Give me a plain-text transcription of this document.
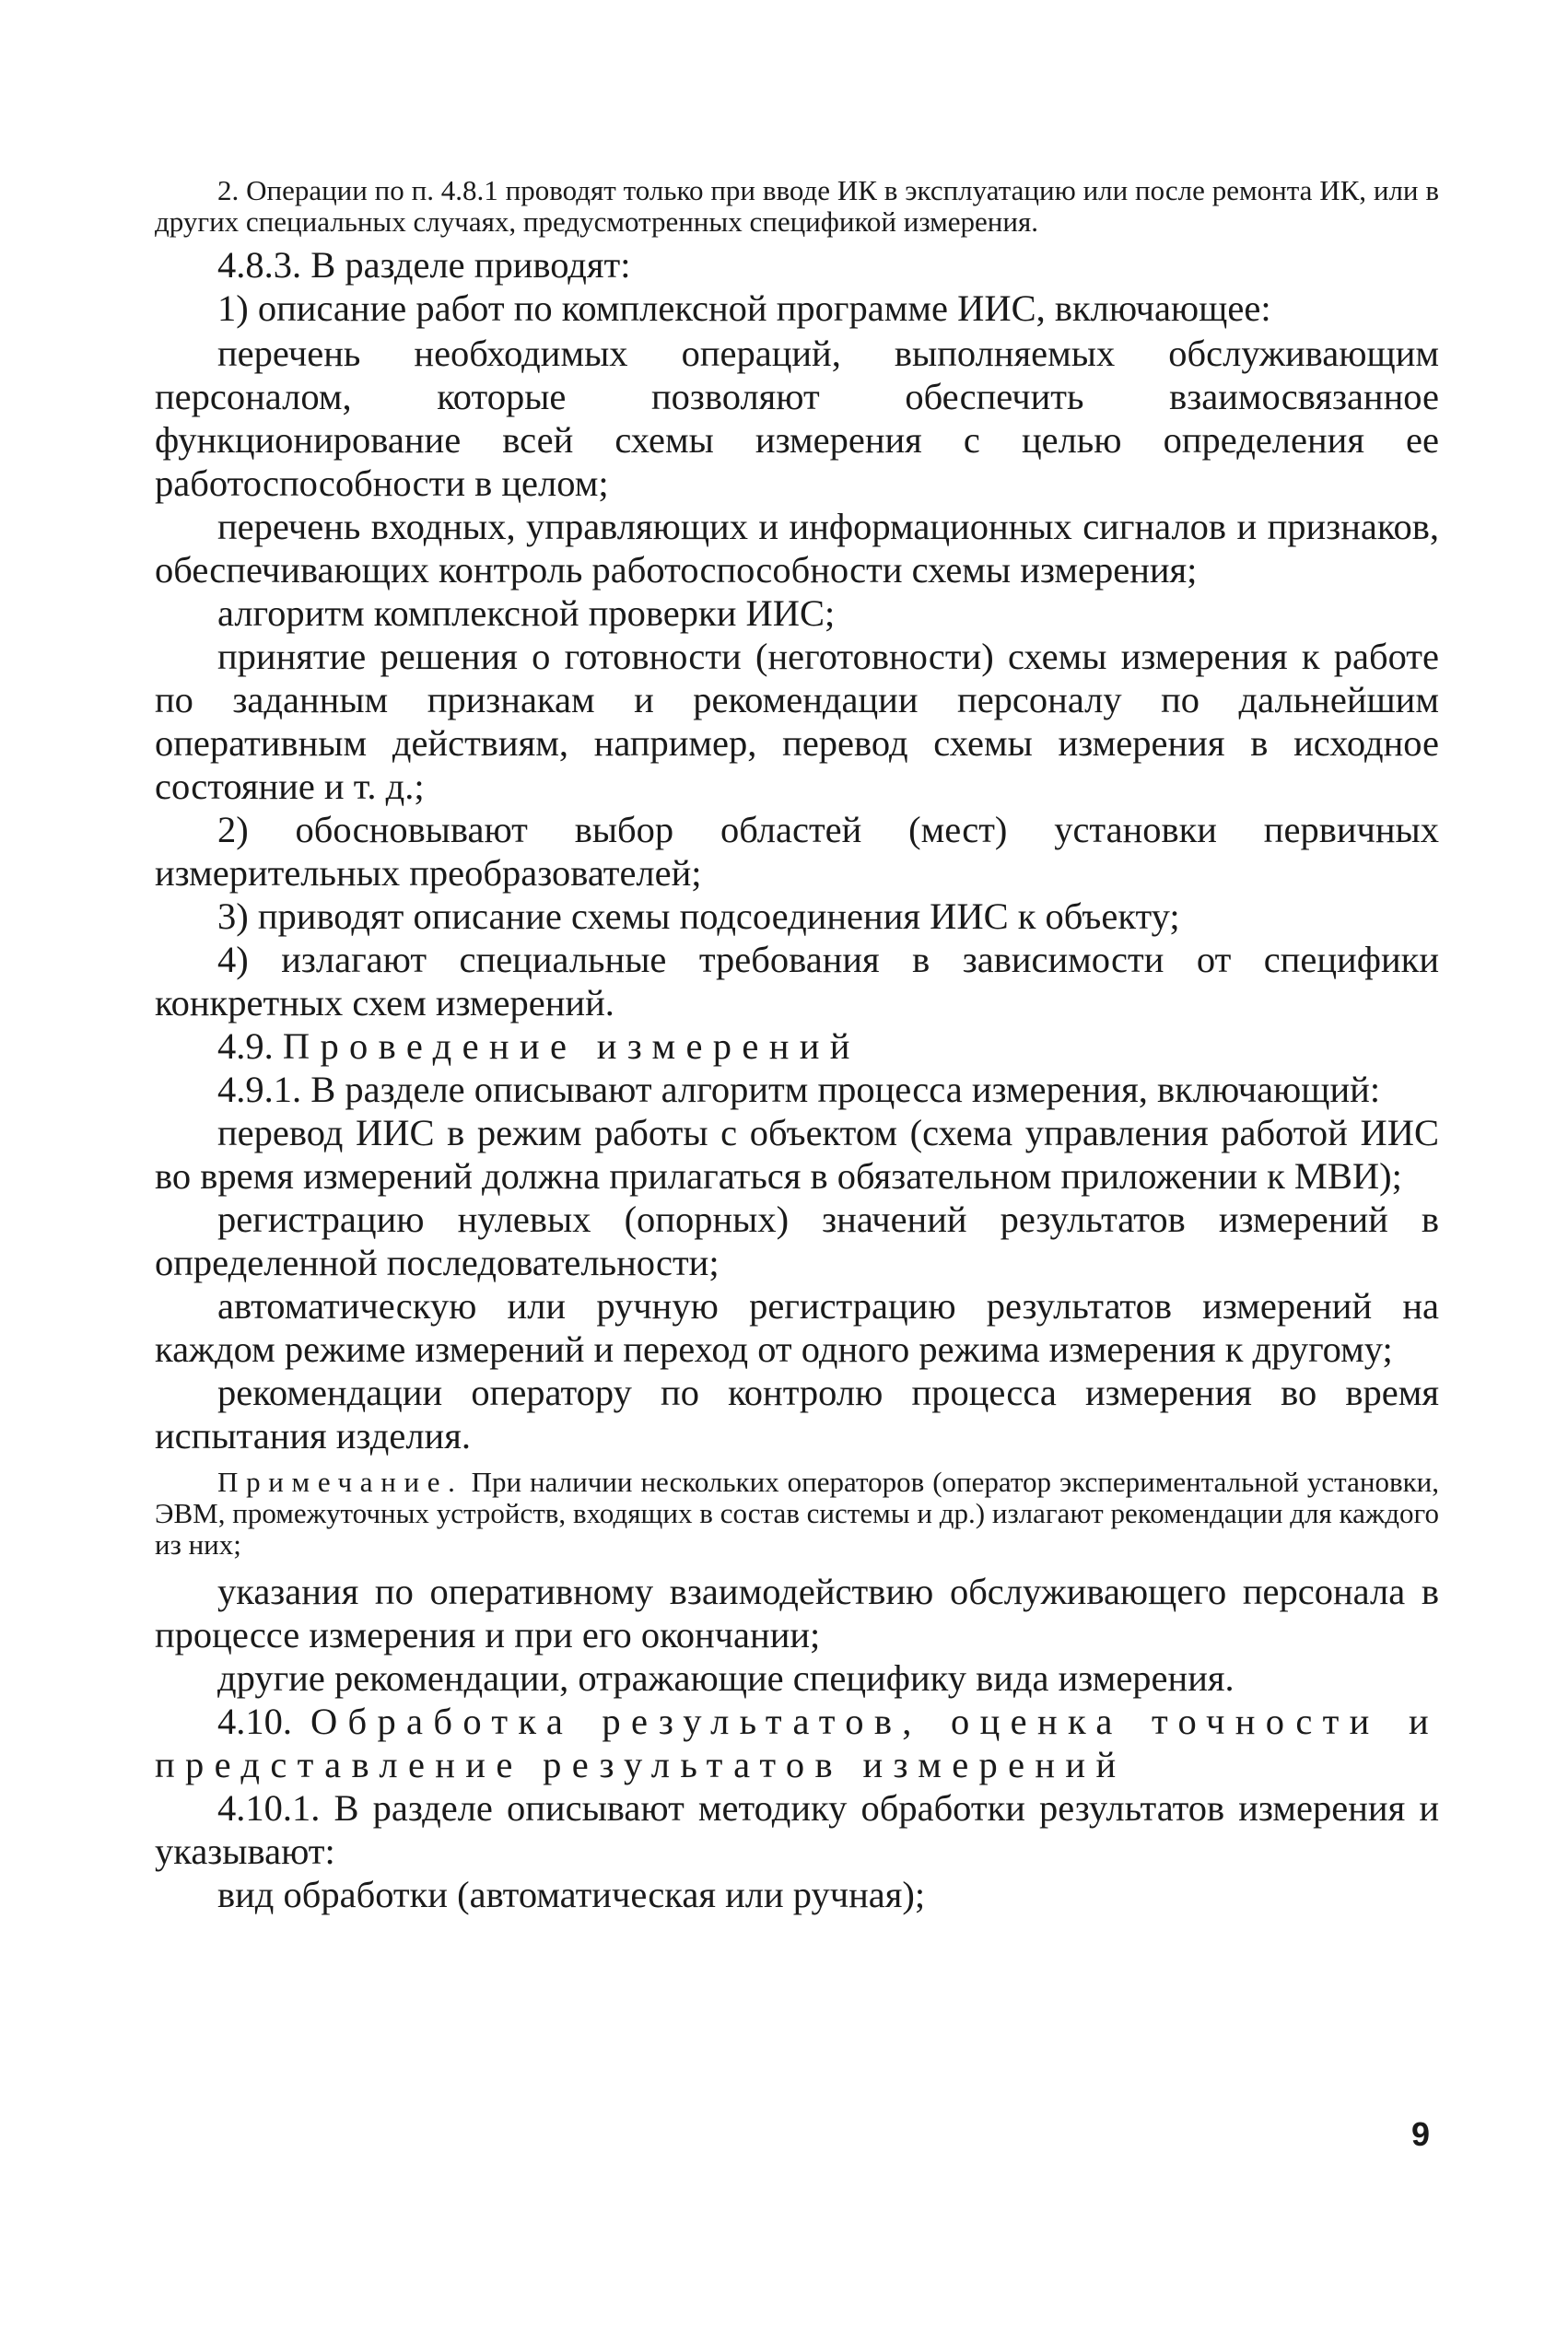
2. Операции по п. 4.8.1 проводят только при вводе ИК в эксплуатацию или после ремонта ИК, или в других специальных случаях, предусмотренных спецификой измерения.

4.8.3. В разделе приводят:

1) описание работ по комплексной программе ИИС, включающее:

перечень необходимых операций, выполняемых обслуживающим персоналом, которые позволяют обеспечить взаимосвязанное функционирование всей схемы измерения с целью определения ее работоспособности в целом;

перечень входных, управляющих и информационных сигналов и признаков, обеспечивающих контроль работоспособности схемы измерения;

алгоритм комплексной проверки ИИС;

принятие решения о готовности (неготовности) схемы измерения к работе по заданным признакам и рекомендации персоналу по дальнейшим оперативным действиям, например, перевод схемы измерения в исходное состояние и т. д.;

2) обосновывают выбор областей (мест) установки первичных измерительных преобразователей;

3) приводят описание схемы подсоединения ИИС к объекту;

4) излагают специальные требования в зависимости от специфики конкретных схем измерений.

4.9. Проведение измерений

4.9.1. В разделе описывают алгоритм процесса измерения, включающий:

перевод ИИС в режим работы с объектом (схема управления работой ИИС во время измерений должна прилагаться в обязательном приложении к МВИ);

регистрацию нулевых (опорных) значений результатов измерений в определенной последовательности;

автоматическую или ручную регистрацию результатов измерений на каждом режиме измерений и переход от одного режима измерения к другому;

рекомендации оператору по контролю процесса измерения во время испытания изделия.

Примечание. При наличии нескольких операторов (оператор экспериментальной установки, ЭВМ, промежуточных устройств, входящих в состав системы и др.) излагают рекомендации для каждого из них;

указания по оперативному взаимодействию обслуживающего персонала в процессе измерения и при его окончании;

другие рекомендации, отражающие специфику вида измерения.

4.10. Обработка результатов, оценка точности и представление результатов измерений

4.10.1. В разделе описывают методику обработки результатов измерения и указывают:

вид обработки (автоматическая или ручная);

9
